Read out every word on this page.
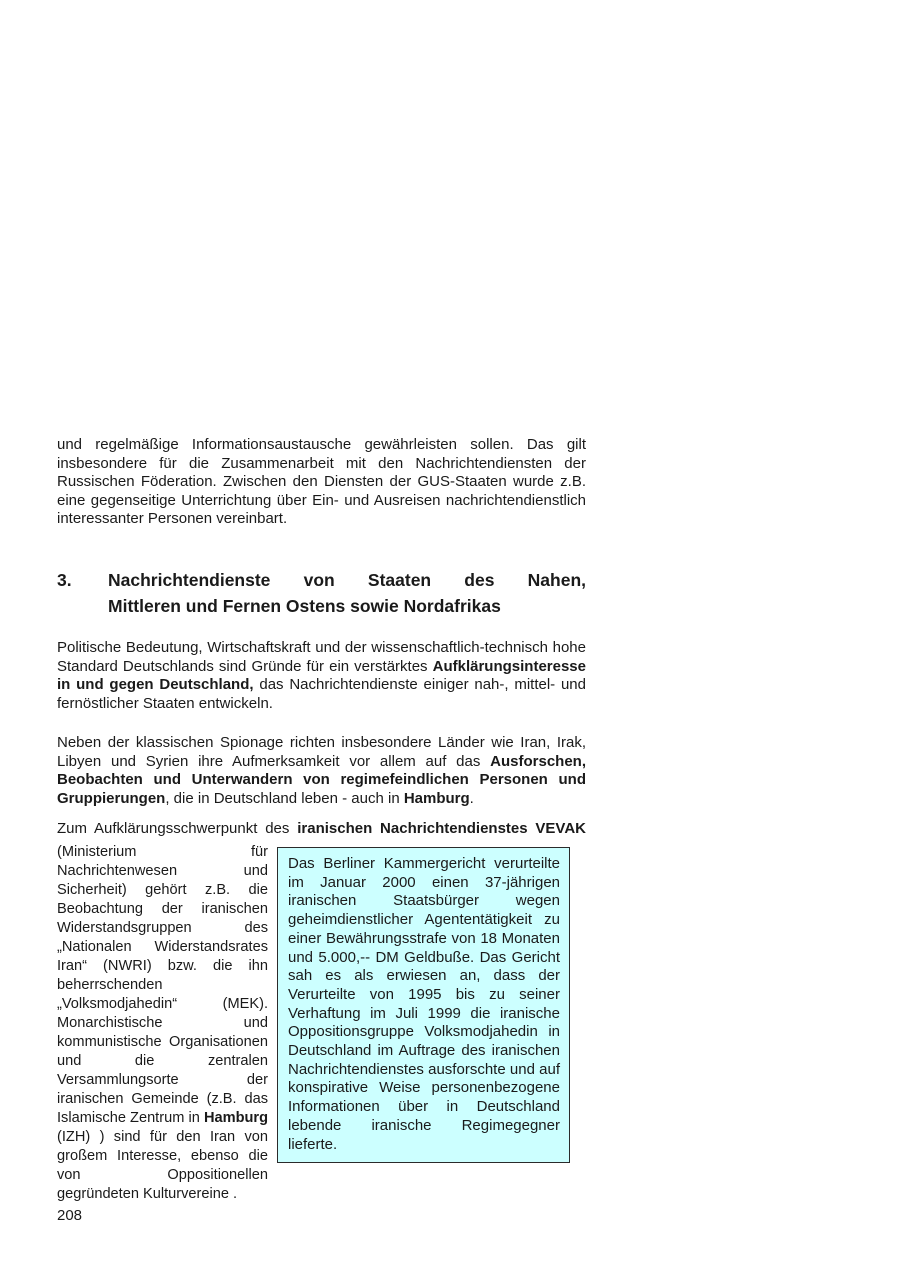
und regelmäßige Informationsaustausche gewährleisten sollen. Das gilt insbesondere für die Zusammenarbeit mit den Nachrichtendiensten der Russischen Föderation. Zwischen den Diensten der GUS-Staaten wurde z.B. eine gegenseitige Unterrichtung über Ein- und Ausreisen nachrichtendienstlich interessanter Personen vereinbart.

3.	Nachrichtendienste von Staaten des Nahen,
Mittleren und Fernen Ostens sowie Nordafrikas

Politische Bedeutung, Wirtschaftskraft und der wissenschaftlich-technisch hohe Standard Deutschlands sind Gründe für ein verstärktes Aufklärungsinteresse in und gegen Deutschland, das Nachrichtendienste einiger nah-, mittel- und fernöstlicher Staaten entwickeln.

Neben der klassischen Spionage richten insbesondere Länder wie Iran, Irak, Libyen und Syrien ihre Aufmerksamkeit vor allem auf das Ausforschen, Beobachten und Unterwandern von regimefeindlichen Personen und Gruppierungen, die in Deutschland leben - auch in Hamburg.

Zum Aufklärungsschwerpunkt des iranischen Nachrichtendienstes VEVAK

(Ministerium für Nachrichtenwesen und Sicherheit) gehört z.B. die Beobachtung der iranischen Widerstandsgruppen des „Nationalen Widerstandsrates Iran“ (NWRI) bzw. die ihn beherrschenden „Volksmodjahedin“ (MEK). Monarchistische und kommunistische Organisationen und die zentralen Versammlungsorte der iranischen Gemeinde (z.B. das Islamische Zentrum in Hamburg (IZH) ) sind für den Iran von großem Interesse, ebenso die von Oppositionellen gegründeten Kulturvereine .

Das Berliner Kammergericht verurteilte im Januar 2000 einen 37-jährigen iranischen Staatsbürger wegen geheimdienstlicher Agententätigkeit zu einer Bewährungsstrafe von 18 Monaten und 5.000,-- DM Geldbuße. Das Gericht sah es als erwiesen an, dass der Verurteilte von 1995 bis zu seiner Verhaftung im Juli 1999 die iranische Oppositionsgruppe Volksmodjahedin in Deutschland im Auftrage des iranischen Nachrichtendienstes ausforschte und auf konspirative Weise personenbezogene Informationen über in Deutschland lebende iranische Regimegegner lieferte.

208
